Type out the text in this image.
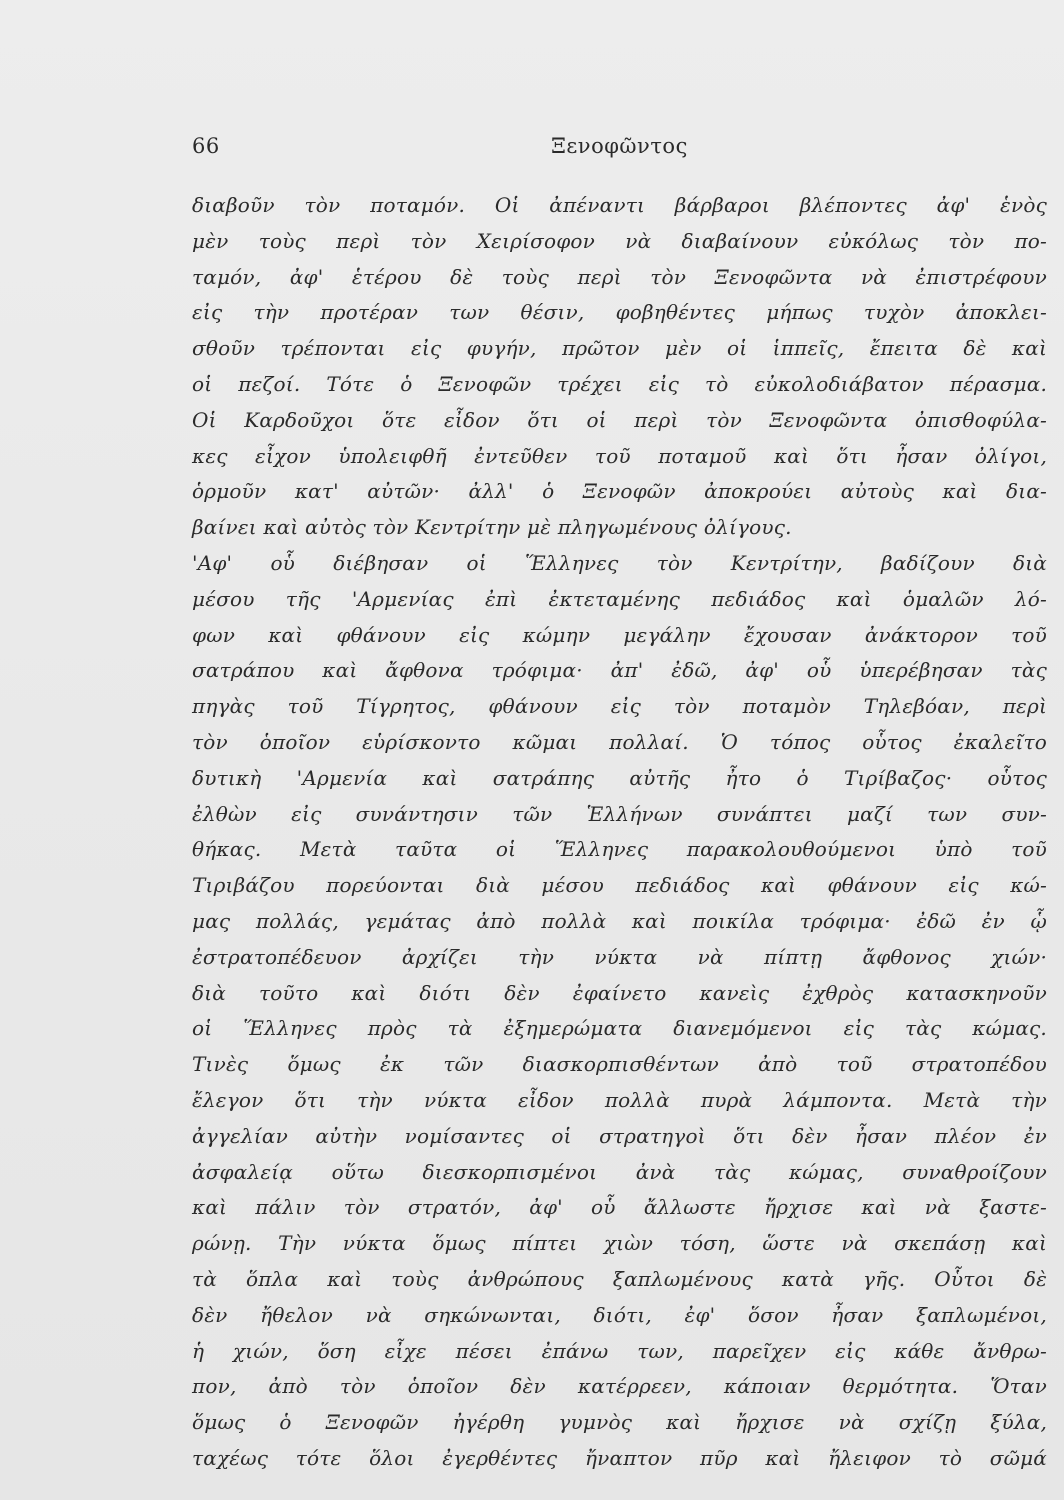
66	Ξενοφῶντος
διαβοῦν τὸν ποταμόν. Οἱ ἀπέναντι βάρβαροι βλέποντες ἀφ' ἑνὸς
μὲν τοὺς περὶ τὸν Χειρίσοφον νὰ διαβαίνουν εὐκόλως τὸν πο-
ταμόν, ἀφ' ἑτέρου δὲ τοὺς περὶ τὸν Ξενοφῶντα νὰ ἐπιστρέφουν
εἰς τὴν προτέραν των θέσιν, φοβηθέντες μήπως τυχὸν ἀποκλει-
σθοῦν τρέπονται εἰς φυγήν, πρῶτον μὲν οἱ ἱππεῖς, ἔπειτα δὲ καὶ
οἱ πεζοί. Τότε ὁ Ξενοφῶν τρέχει εἰς τὸ εὐκολοδιάβατον πέρασμα.
Οἱ Καρδοῦχοι ὅτε εἶδον ὅτι οἱ περὶ τὸν Ξενοφῶντα ὀπισθοφύλα-
κες εἶχον ὑπολειφθῆ ἐντεῦθεν τοῦ ποταμοῦ καὶ ὅτι ἦσαν ὀλίγοι,
ὁρμοῦν κατ' αὐτῶν· ἀλλ' ὁ Ξενοφῶν ἀποκρούει αὐτοὺς καὶ δια-
βαίνει καὶ αὐτὸς τὸν Κεντρίτην μὲ πληγωμένους ὀλίγους.
'Αφ' οὗ διέβησαν οἱ Ἕλληνες τὸν Κεντρίτην, βαδίζουν διὰ
μέσου τῆς 'Αρμενίας ἐπὶ ἐκτεταμένης πεδιάδος καὶ ὁμαλῶν λό-
φων καὶ φθάνουν εἰς κώμην μεγάλην ἔχουσαν ἀνάκτορον τοῦ
σατράπου καὶ ἄφθονα τρόφιμα· ἀπ' ἐδῶ, ἀφ' οὗ ὑπερέβησαν τὰς
πηγὰς τοῦ Τίγρητος, φθάνουν εἰς τὸν ποταμὸν Τηλεβόαν, περὶ
τὸν ὁποῖον εὑρίσκοντο κῶμαι πολλαί. Ὁ τόπος οὗτος ἐκαλεῖτο
δυτικὴ 'Αρμενία καὶ σατράπης αὐτῆς ἦτο ὁ Τιρίβαζος· οὗτος
ἐλθὼν εἰς συνάντησιν τῶν Ἑλλήνων συνάπτει μαζί των συν-
θήκας. Μετὰ ταῦτα οἱ Ἕλληνες παρακολουθούμενοι ὑπὸ τοῦ
Τιριβάζου πορεύονται διὰ μέσου πεδιάδος καὶ φθάνουν εἰς κώ-
μας πολλάς, γεμάτας ἀπὸ πολλὰ καὶ ποικίλα τρόφιμα· ἐδῶ ἐν ᾧ
ἐστρατοπέδευον ἀρχίζει τὴν νύκτα νὰ πίπτῃ ἄφθονος χιών·
διὰ τοῦτο καὶ διότι δὲν ἐφαίνετο κανεὶς ἐχθρὸς κατασκηνοῦν
οἱ Ἕλληνες πρὸς τὰ ἐξημερώματα διανεμόμενοι εἰς τὰς κώμας.
Τινὲς ὅμως ἐκ τῶν διασκορπισθέντων ἀπὸ τοῦ στρατοπέδου
ἔλεγον ὅτι τὴν νύκτα εἶδον πολλὰ πυρὰ λάμποντα. Μετὰ τὴν
ἀγγελίαν αὐτὴν νομίσαντες οἱ στρατηγοὶ ὅτι δὲν ἦσαν πλέον ἐν
ἀσφαλείᾳ οὕτω διεσκορπισμένοι ἀνὰ τὰς κώμας, συναθροίζουν
καὶ πάλιν τὸν στρατόν, ἀφ' οὗ ἄλλωστε ἤρχισε καὶ νὰ ξαστε-
ρώνῃ. Τὴν νύκτα ὅμως πίπτει χιὼν τόση, ὥστε νὰ σκεπάσῃ καὶ
τὰ ὅπλα καὶ τοὺς ἀνθρώπους ξαπλωμένους κατὰ γῆς. Οὗτοι δὲ
δὲν ἤθελον νὰ σηκώνωνται, διότι, ἐφ' ὅσον ἦσαν ξαπλωμένοι,
ἡ χιών, ὅση εἶχε πέσει ἐπάνω των, παρεῖχεν εἰς κάθε ἄνθρω-
πον, ἀπὸ τὸν ὁποῖον δὲν κατέρρεεν, κάποιαν θερμότητα. Ὅταν
ὅμως ὁ Ξενοφῶν ἠγέρθη γυμνὸς καὶ ἤρχισε νὰ σχίζῃ ξύλα,
ταχέως τότε ὅλοι ἐγερθέντες ἤναπτον πῦρ καὶ ἤλειφον τὸ σῶμά
